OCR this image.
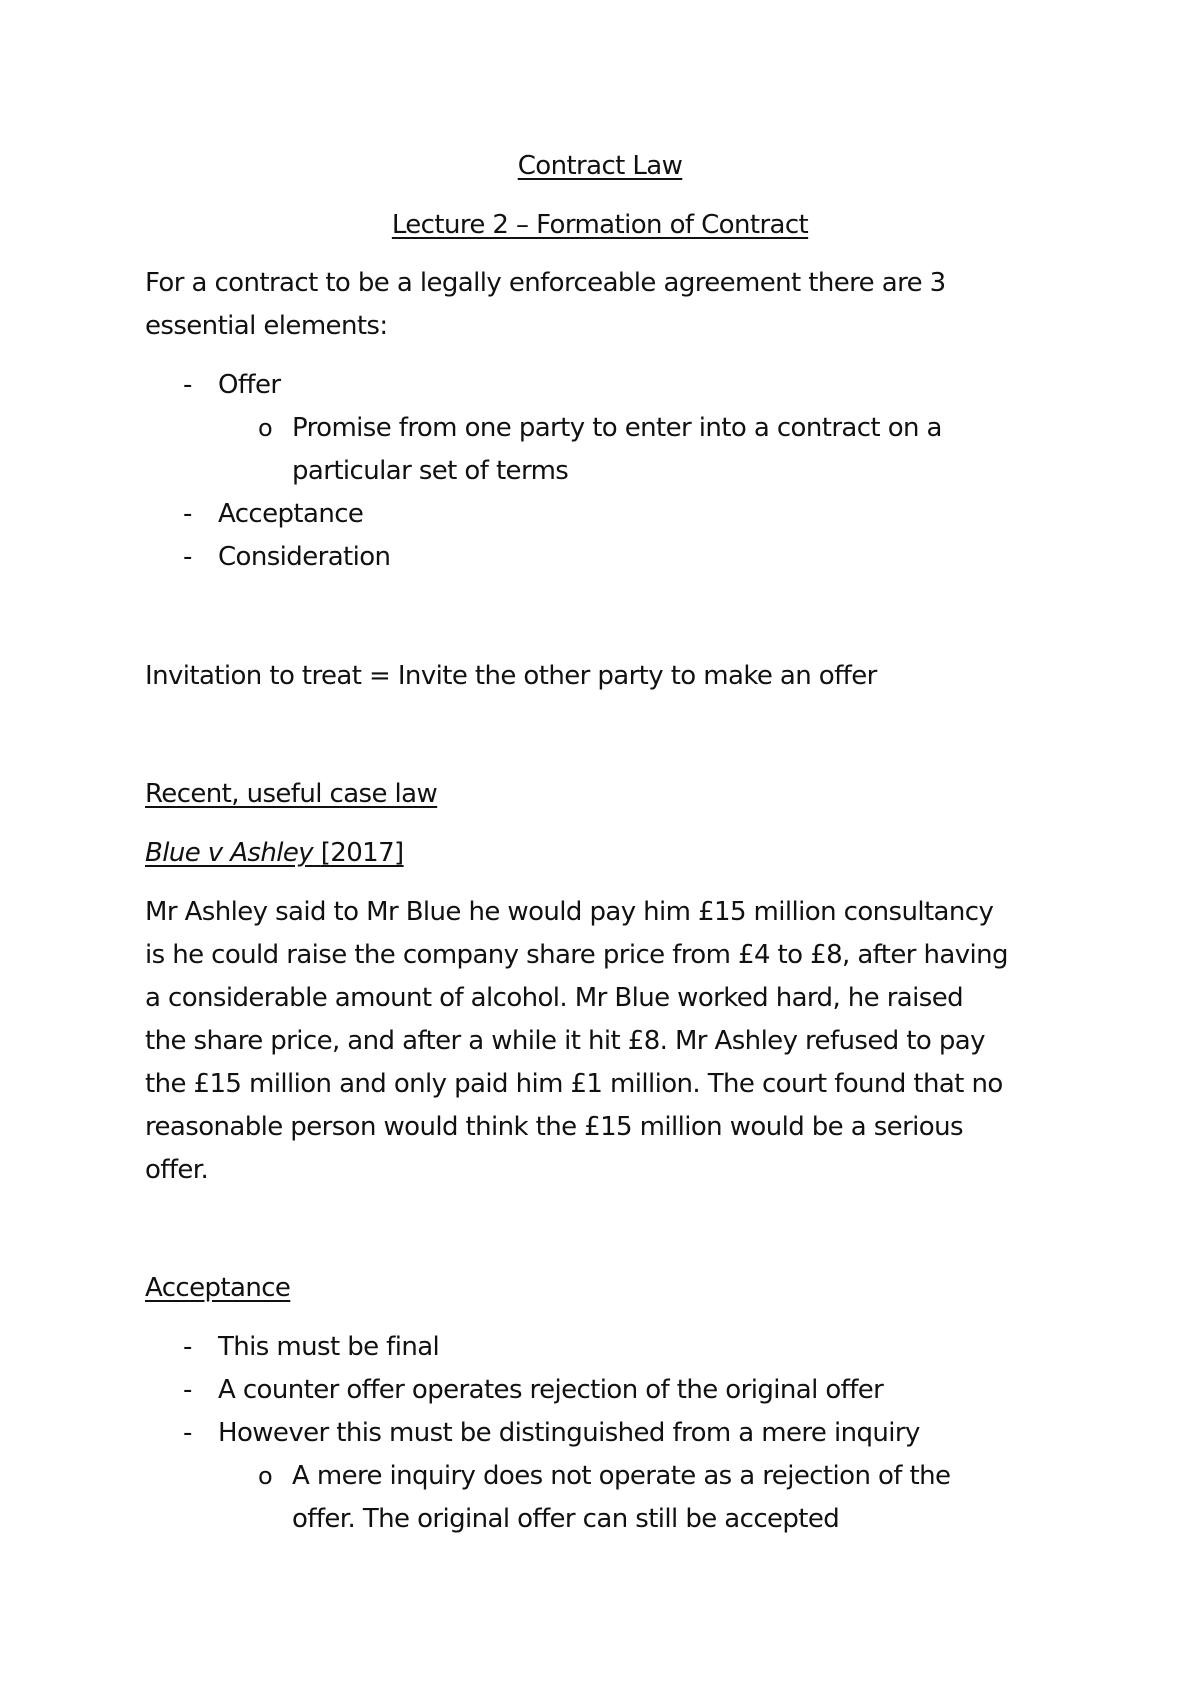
Contract Law
Lecture 2 – Formation of Contract
For a contract to be a legally enforceable agreement there are 3
essential elements:
- Offer
o Promise from one party to enter into a contract on a
particular set of terms
- Acceptance
- Consideration
Invitation to treat = Invite the other party to make an offer
Recent, useful case law
Blue v Ashley [2017]
Mr Ashley said to Mr Blue he would pay him £15 million consultancy
is he could raise the company share price from £4 to £8, after having
a considerable amount of alcohol. Mr Blue worked hard, he raised
the share price, and after a while it hit £8. Mr Ashley refused to pay
the £15 million and only paid him £1 million. The court found that no
reasonable person would think the £15 million would be a serious
offer.
Acceptance
- This must be final
- A counter offer operates rejection of the original offer
- However this must be distinguished from a mere inquiry
o A mere inquiry does not operate as a rejection of the
offer. The original offer can still be accepted
